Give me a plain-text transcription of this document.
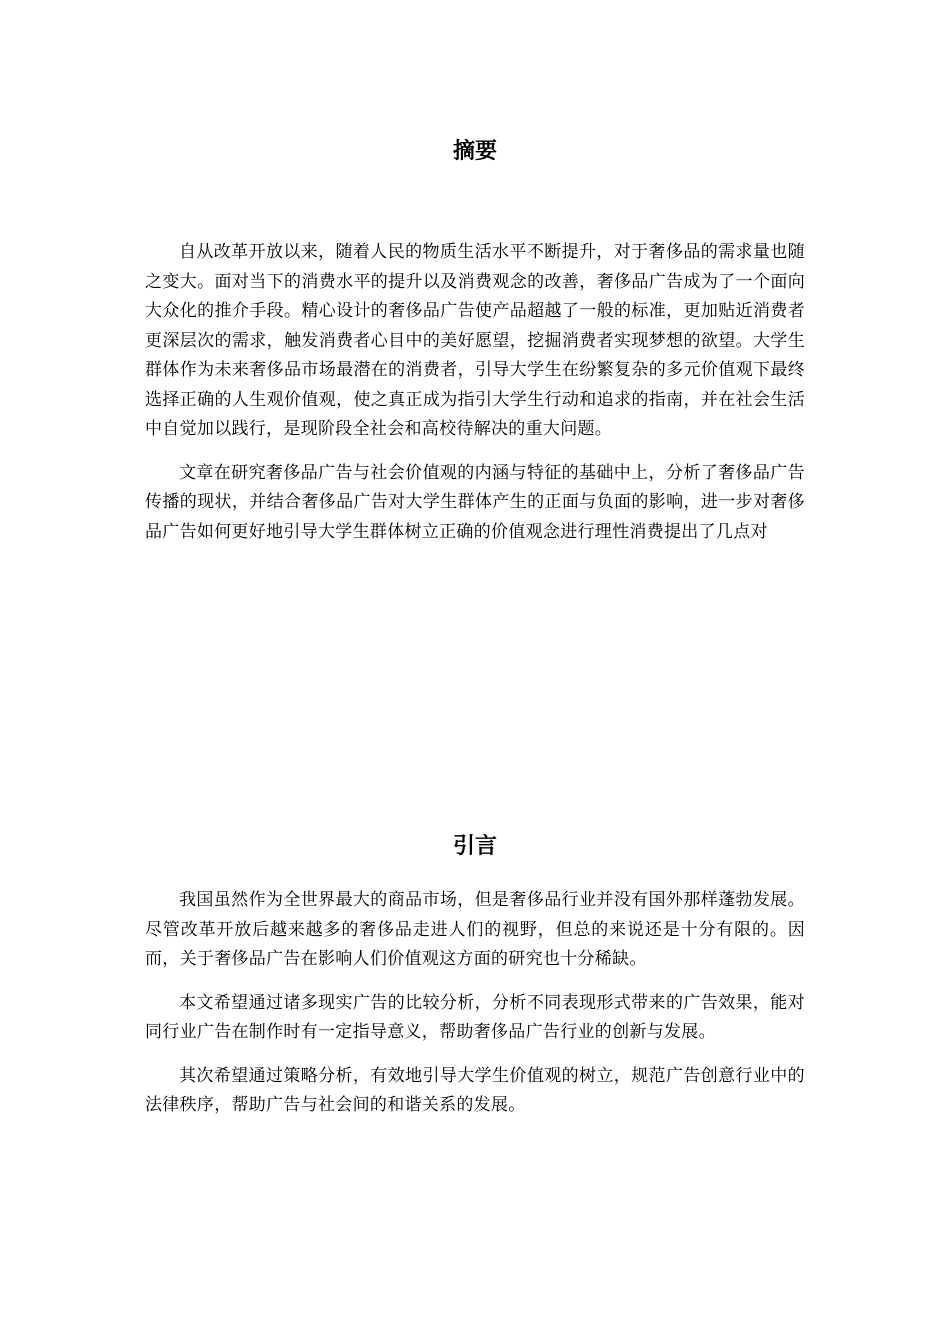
摘要

自从改革开放以来，随着人民的物质生活水平不断提升，对于奢侈品的需求量也随之变大。面对当下的消费水平的提升以及消费观念的改善，奢侈品广告成为了一个面向大众化的推介手段。精心设计的奢侈品广告使产品超越了一般的标准，更加贴近消费者更深层次的需求，触发消费者心目中的美好愿望，挖掘消费者实现梦想的欲望。大学生群体作为未来奢侈品市场最潜在的消费者，引导大学生在纷繁复杂的多元价值观下最终选择正确的人生观价值观，使之真正成为指引大学生行动和追求的指南，并在社会生活中自觉加以践行，是现阶段全社会和高校待解决的重大问题。

文章在研究奢侈品广告与社会价值观的内涵与特征的基础中上，分析了奢侈品广告传播的现状，并结合奢侈品广告对大学生群体产生的正面与负面的影响，进一步对奢侈品广告如何更好地引导大学生群体树立正确的价值观念进行理性消费提出了几点对

引言

我国虽然作为全世界最大的商品市场，但是奢侈品行业并没有国外那样蓬勃发展。尽管改革开放后越来越多的奢侈品走进人们的视野，但总的来说还是十分有限的。因而，关于奢侈品广告在影响人们价值观这方面的研究也十分稀缺。

本文希望通过诸多现实广告的比较分析，分析不同表现形式带来的广告效果，能对同行业广告在制作时有一定指导意义，帮助奢侈品广告行业的创新与发展。

其次希望通过策略分析，有效地引导大学生价值观的树立，规范广告创意行业中的法律秩序，帮助广告与社会间的和谐关系的发展。
